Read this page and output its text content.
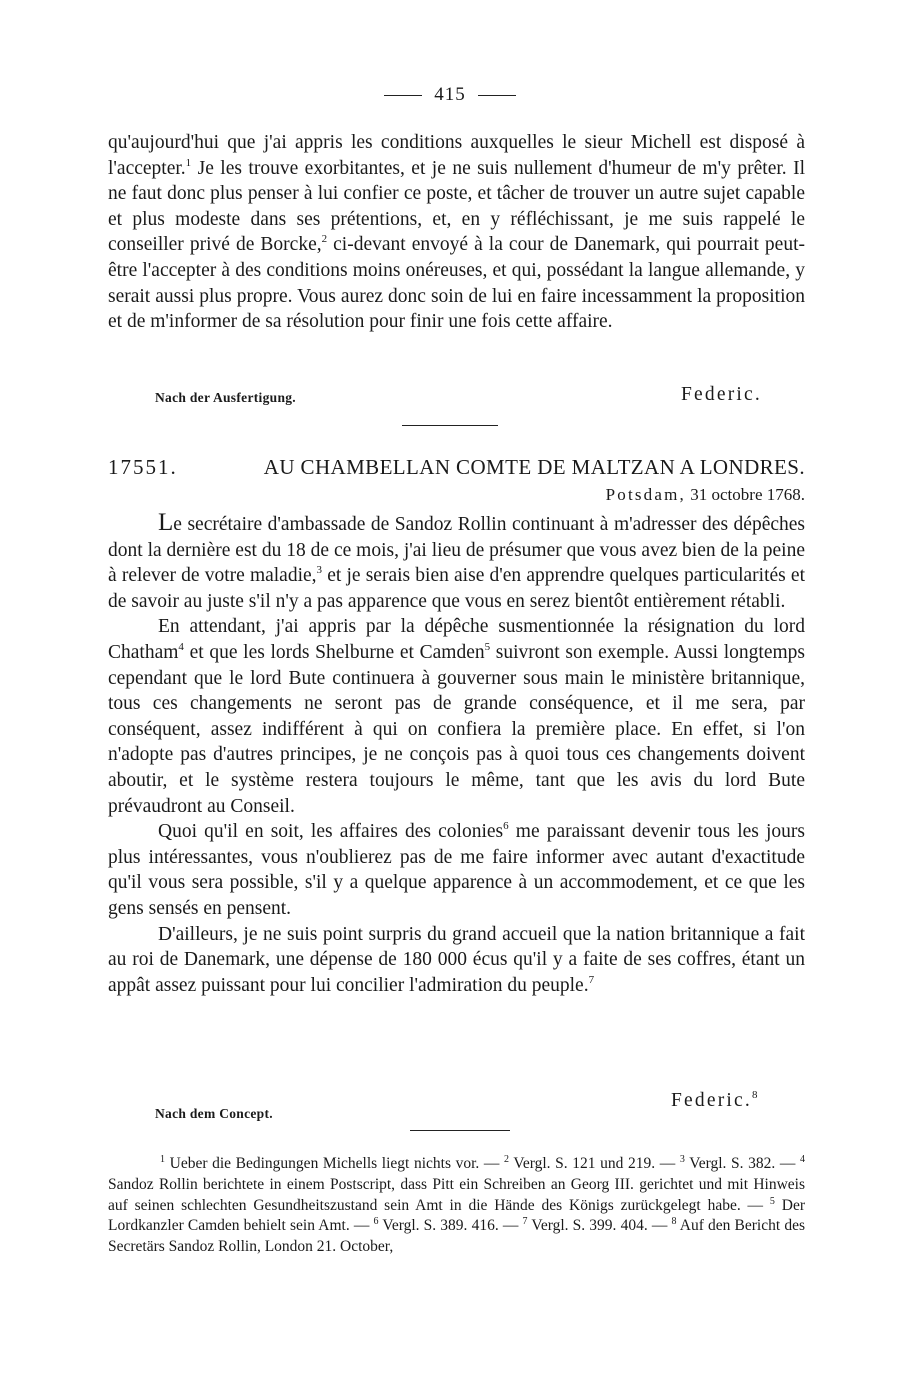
415

qu'aujourd'hui que j'ai appris les conditions auxquelles le sieur Michell est disposé à l'accepter.$^1$ Je les trouve exorbitantes, et je ne suis nullement d'humeur de m'y prêter. Il ne faut donc plus penser à lui confier ce poste, et tâcher de trouver un autre sujet capable et plus modeste dans ses prétentions, et, en y réfléchissant, je me suis rappelé le conseiller privé de Borcke,$^2$ ci-devant envoyé à la cour de Danemark, qui pourrait peut-être l'accepter à des conditions moins onéreuses, et qui, possédant la langue allemande, y serait aussi plus propre. Vous aurez donc soin de lui en faire incessamment la proposition et de m'informer de sa résolution pour finir une fois cette affaire.

Nach der Ausfertigung.	Federic.
17551.	AU CHAMBELLAN COMTE DE MALTZAN A LONDRES.
Potsdam, 31 octobre 1768.

Le secrétaire d'ambassade de Sandoz Rollin continuant à m'adresser des dépêches dont la dernière est du 18 de ce mois, j'ai lieu de présumer que vous avez bien de la peine à relever de votre maladie,$^3$ et je serais bien aise d'en apprendre quelques particularités et de savoir au juste s'il n'y a pas apparence que vous en serez bientôt entièrement rétabli.

En attendant, j'ai appris par la dépêche susmentionnée la résignation du lord Chatham$^4$ et que les lords Shelburne et Camden$^5$ suivront son exemple. Aussi longtemps cependant que le lord Bute continuera à gouverner sous main le ministère britannique, tous ces changements ne seront pas de grande conséquence, et il me sera, par conséquent, assez indifférent à qui on confiera la première place. En effet, si l'on n'adopte pas d'autres principes, je ne conçois pas à quoi tous ces changements doivent aboutir, et le système restera toujours le même, tant que les avis du lord Bute prévaudront au Conseil.

Quoi qu'il en soit, les affaires des colonies$^6$ me paraissant devenir tous les jours plus intéressantes, vous n'oublierez pas de me faire informer avec autant d'exactitude qu'il vous sera possible, s'il y a quelque apparence à un accommodement, et ce que les gens sensés en pensent.

D'ailleurs, je ne suis point surpris du grand accueil que la nation britannique a fait au roi de Danemark, une dépense de 180 000 écus qu'il y a faite de ses coffres, étant un appât assez puissant pour lui concilier l'admiration du peuple.$^7$

Federic.$^8$
Nach dem Concept.

$^1$ Ueber die Bedingungen Michells liegt nichts vor. — $^2$ Vergl. S. 121 und 219. — $^3$ Vergl. S. 382. — $^4$ Sandoz Rollin berichtete in einem Postscript, dass Pitt ein Schreiben an Georg III. gerichtet und mit Hinweis auf seinen schlechten Gesundheitszustand sein Amt in die Hände des Königs zurückgelegt habe. — $^5$ Der Lordkanzler Camden behielt sein Amt. — $^6$ Vergl. S. 389. 416. — $^7$ Vergl. S. 399. 404. — $^8$ Auf den Bericht des Secretärs Sandoz Rollin, London 21. October,
